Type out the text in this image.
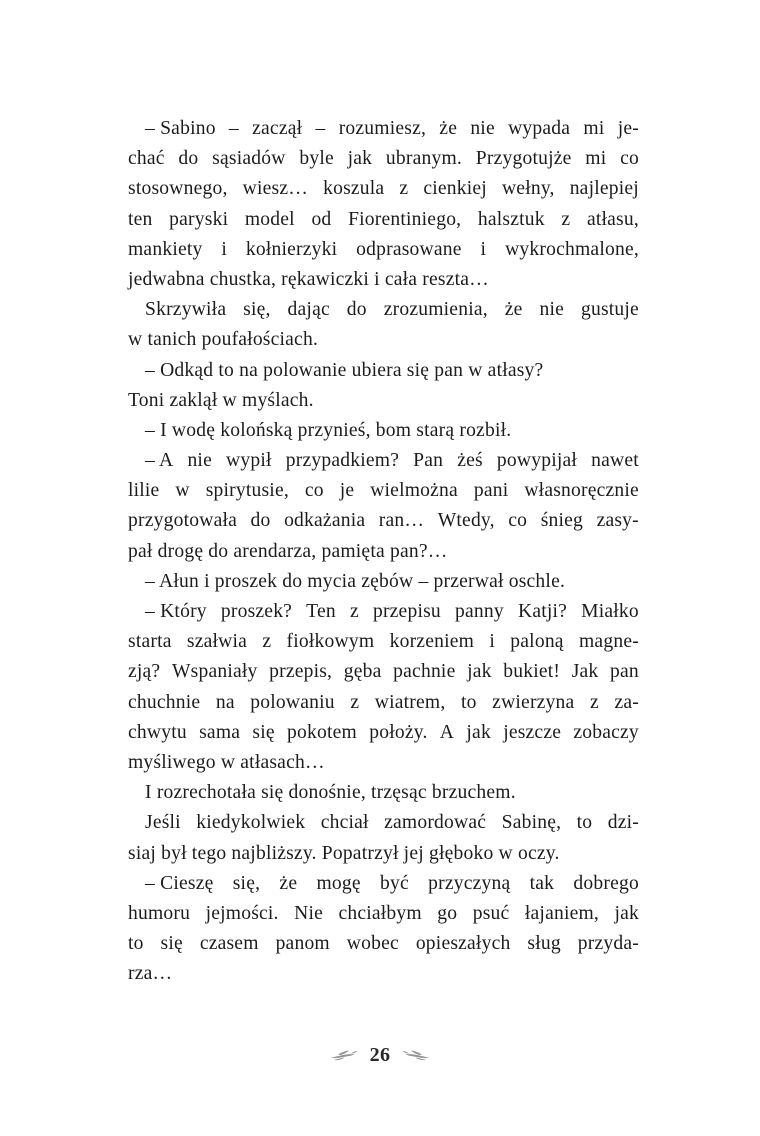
– Sabino – zaczął – rozumiesz, że nie wypada mi je-
chać do sąsiadów byle jak ubranym. Przygotujże mi co
stosownego, wiesz… koszula z cienkiej wełny, najlepiej
ten paryski model od Fiorentiniego, halsztuk z atłasu,
mankiety i kołnierzyki odprasowane i wykrochmalone,
jedwabna chustka, rękawiczki i cała reszta…

Skrzywiła się, dając do zrozumienia, że nie gustuje
w tanich poufałościach.

– Odkąd to na polowanie ubiera się pan w atłasy?

Toni zaklął w myślach.

– I wodę kolońską przynieś, bom starą rozbił.

– A nie wypił przypadkiem? Pan żeś powypijał nawet
lilie w spirytusie, co je wielmożna pani własnoręcznie
przygotowała do odkażania ran… Wtedy, co śnieg zasy-
pał drogę do arendarza, pamięta pan?…

– Ałun i proszek do mycia zębów – przerwał oschle.

– Który proszek? Ten z przepisu panny Katji? Miałko
starta szałwia z fiołkowym korzeniem i paloną magne-
zją? Wspaniały przepis, gęba pachnie jak bukiet! Jak pan
chuchnie na polowaniu z wiatrem, to zwierzyna z za-
chwytu sama się pokotem położy. A jak jeszcze zobaczy
myśliwego w atłasach…

I rozrechotała się donośnie, trzęsąc brzuchem.

Jeśli kiedykolwiek chciał zamordować Sabinę, to dzi-
siaj był tego najbliższy. Popatrzył jej głęboko w oczy.

– Cieszę się, że mogę być przyczyną tak dobrego
humoru jejmości. Nie chciałbym go psuć łajaniem, jak
to się czasem panom wobec opieszałych sług przyda-
rza…

26
